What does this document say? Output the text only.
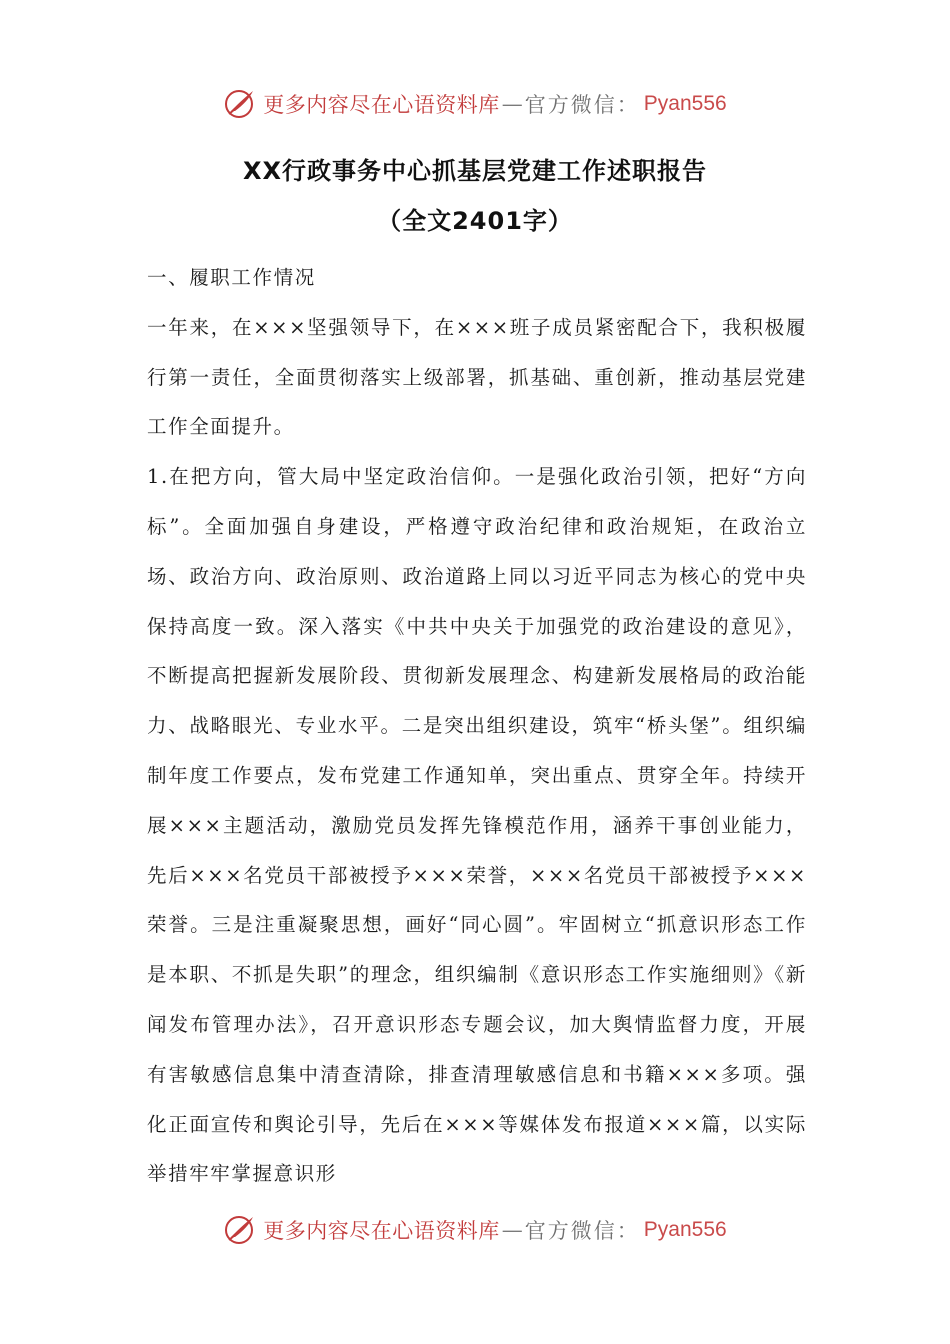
更多内容尽在心语资料库 — 官方微信： Pyan556
XX行政事务中心抓基层党建工作述职报告
（全文2401字）

一、履职工作情况

一年来，在×××坚强领导下，在×××班子成员紧密配合下，我积极履行第一责任，全面贯彻落实上级部署，抓基础、重创新，推动基层党建工作全面提升。

1.在把方向，管大局中坚定政治信仰。一是强化政治引领，把好“方向标”。全面加强自身建设，严格遵守政治纪律和政治规矩，在政治立场、政治方向、政治原则、政治道路上同以习近平同志为核心的党中央保持高度一致。深入落实《中共中央关于加强党的政治建设的意见》，不断提高把握新发展阶段、贯彻新发展理念、构建新发展格局的政治能力、战略眼光、专业水平。二是突出组织建设，筑牢“桥头堡”。组织编制年度工作要点，发布党建工作通知单，突出重点、贯穿全年。持续开展×××主题活动，激励党员发挥先锋模范作用，涵养干事创业能力，先后×××名党员干部被授予×××荣誉，×××名党员干部被授予×××荣誉。三是注重凝聚思想，画好“同心圆”。牢固树立“抓意识形态工作是本职、不抓是失职”的理念，组织编制《意识形态工作实施细则》《新闻发布管理办法》，召开意识形态专题会议，加大舆情监督力度，开展有害敏感信息集中清查清除，排查清理敏感信息和书籍×××多项。强化正面宣传和舆论引导，先后在×××等媒体发布报道×××篇，以实际举措牢牢掌握意识形

更多内容尽在心语资料库 — 官方微信： Pyan556
